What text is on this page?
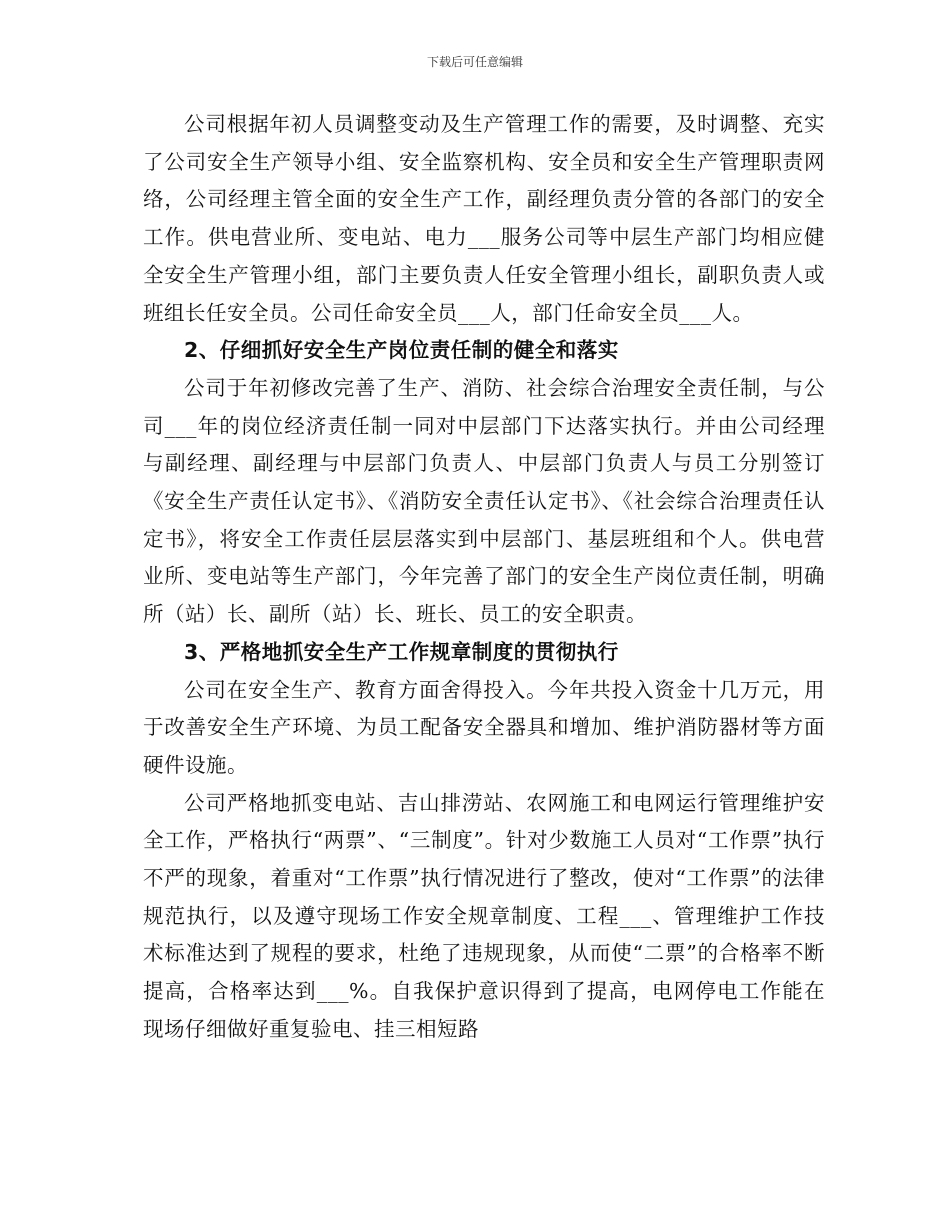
下载后可任意编辑

公司根据年初人员调整变动及生产管理工作的需要，及时调整、充实了公司安全生产领导小组、安全监察机构、安全员和安全生产管理职责网络，公司经理主管全面的安全生产工作，副经理负责分管的各部门的安全工作。供电营业所、变电站、电力___服务公司等中层生产部门均相应健全安全生产管理小组，部门主要负责人任安全管理小组长，副职负责人或班组长任安全员。公司任命安全员___人，部门任命安全员___人。

2、仔细抓好安全生产岗位责任制的健全和落实

公司于年初修改完善了生产、消防、社会综合治理安全责任制，与公司___年的岗位经济责任制一同对中层部门下达落实执行。并由公司经理与副经理、副经理与中层部门负责人、中层部门负责人与员工分别签订《安全生产责任认定书》、《消防安全责任认定书》、《社会综合治理责任认定书》，将安全工作责任层层落实到中层部门、基层班组和个人。供电营业所、变电站等生产部门，今年完善了部门的安全生产岗位责任制，明确所（站）长、副所（站）长、班长、员工的安全职责。

3、严格地抓安全生产工作规章制度的贯彻执行

公司在安全生产、教育方面舍得投入。今年共投入资金十几万元，用于改善安全生产环境、为员工配备安全器具和增加、维护消防器材等方面硬件设施。

公司严格地抓变电站、吉山排涝站、农网施工和电网运行管理维护安全工作，严格执行“两票”、“三制度”。针对少数施工人员对“工作票”执行不严的现象，着重对“工作票”执行情况进行了整改，使对“工作票”的法律规范执行，以及遵守现场工作安全规章制度、工程___、管理维护工作技术标准达到了规程的要求，杜绝了违规现象，从而使“二票”的合格率不断提高，合格率达到___%。自我保护意识得到了提高，电网停电工作能在现场仔细做好重复验电、挂三相短路
